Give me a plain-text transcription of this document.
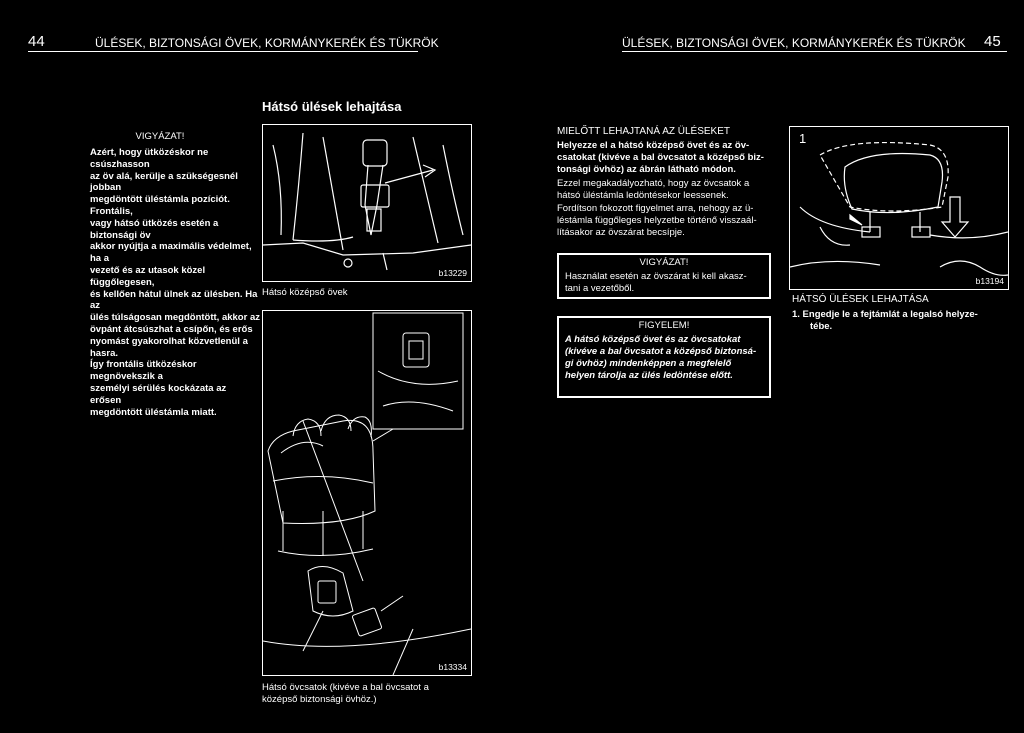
44	ÜLÉSEK, BIZTONSÁGI ÖVEK, KORMÁNYKERÉK ÉS TÜKRÖK	ÜLÉSEK, BIZTONSÁGI ÖVEK, KORMÁNYKERÉK ÉS TÜKRÖK 45
Hátsó ülések lehajtása
VIGYÁZAT!
Azért, hogy ütközéskor ne csúszhasson
az öv alá, kerülje a szükségesnél jobban
megdöntött üléstámla pozíciót. Frontális,
vagy hátsó ütközés esetén a biztonsági öv
akkor nyújtja a maximális védelmet, ha a
vezető és az utasok közel függőlegesen,
és kellően hátul ülnek az ülésben. Ha az
ülés túlságosan megdöntött, akkor az
övpánt átcsúszhat a csípőn, és erős
nyomást gyakorolhat közvetlenül a hasra.
Így frontális ütközéskor megnövekszik a
személyi sérülés kockázata az erősen
megdöntött üléstámla miatt.
b13229
Hátsó középső övek
b13334
Hátsó övcsatok (kivéve a bal övcsatot a
középső biztonsági övhöz.)
MIELŐTT LEHAJTANÁ AZ ÜLÉSEKET
Helyezze el a hátsó középső övet és az öv-
csatokat (kivéve a bal övcsatot a középső biz-
tonsági övhöz) az ábrán látható módon.
Ezzel megakadályozható, hogy az övcsatok a
hátsó üléstámla ledöntésekor leessenek.
Fordítson fokozott figyelmet arra, nehogy az ü-
léstámla függőleges helyzetbe történő visszaál-
lításakor az övszárat becsípje.
VIGYÁZAT!
Használat esetén az övszárat ki kell akasz-
tani a vezetőből.
FIGYELEM!
A hátsó középső övet és az övcsatokat
(kivéve a bal övcsatot a középső biztonsá-
gi övhöz) mindenképpen a megfelelő
helyen tárolja az ülés ledöntése előtt.
1
b13194
HÁTSÓ ÜLÉSEK LEHAJTÁSA
1. Engedje le a fejtámlát a legalsó helyze-
tébe.
